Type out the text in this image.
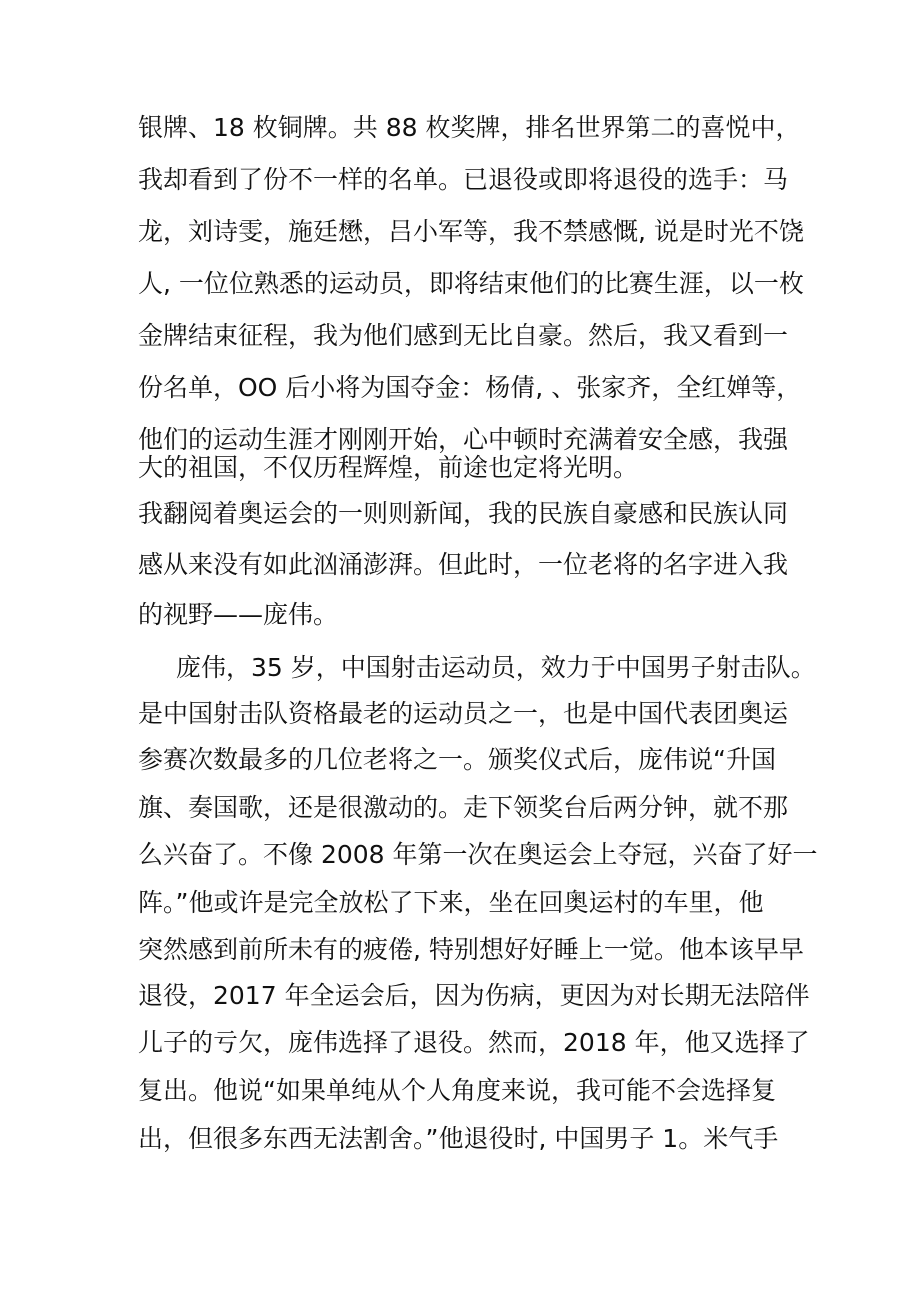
银牌、18 枚铜牌。共 88 枚奖牌，排名世界第二的喜悦中，
我却看到了份不一样的名单。已退役或即将退役的选手：马
龙，刘诗雯，施廷懋，吕小军等，我不禁感慨, 说是时光不饶
人, 一位位熟悉的运动员，即将结束他们的比赛生涯，以一枚
金牌结束征程，我为他们感到无比自豪。然后，我又看到一
份名单，OO 后小将为国夺金：杨倩, 、张家齐，全红婵等，
他们的运动生涯才刚刚开始，心中顿时充满着安全感，我强
大的祖国，不仅历程辉煌，前途也定将光明。
我翻阅着奥运会的一则则新闻，我的民族自豪感和民族认同
感从来没有如此汹涌澎湃。但此时，一位老将的名字进入我
的视野——庞伟。
庞伟，35 岁，中国射击运动员，效力于中国男子射击队。
是中国射击队资格最老的运动员之一，也是中国代表团奥运
参赛次数最多的几位老将之一。颁奖仪式后，庞伟说“升国
旗、奏国歌，还是很激动的。走下领奖台后两分钟，就不那
么兴奋了。不像 2008 年第一次在奥运会上夺冠，兴奋了好一
阵。”他或许是完全放松了下来，坐在回奥运村的车里，他
突然感到前所未有的疲倦, 特别想好好睡上一觉。他本该早早
退役，2017 年全运会后，因为伤病，更因为对长期无法陪伴
儿子的亏欠，庞伟选择了退役。然而，2018 年，他又选择了
复出。他说“如果单纯从个人角度来说，我可能不会选择复
出，但很多东西无法割舍。”他退役时, 中国男子 1。米气手
